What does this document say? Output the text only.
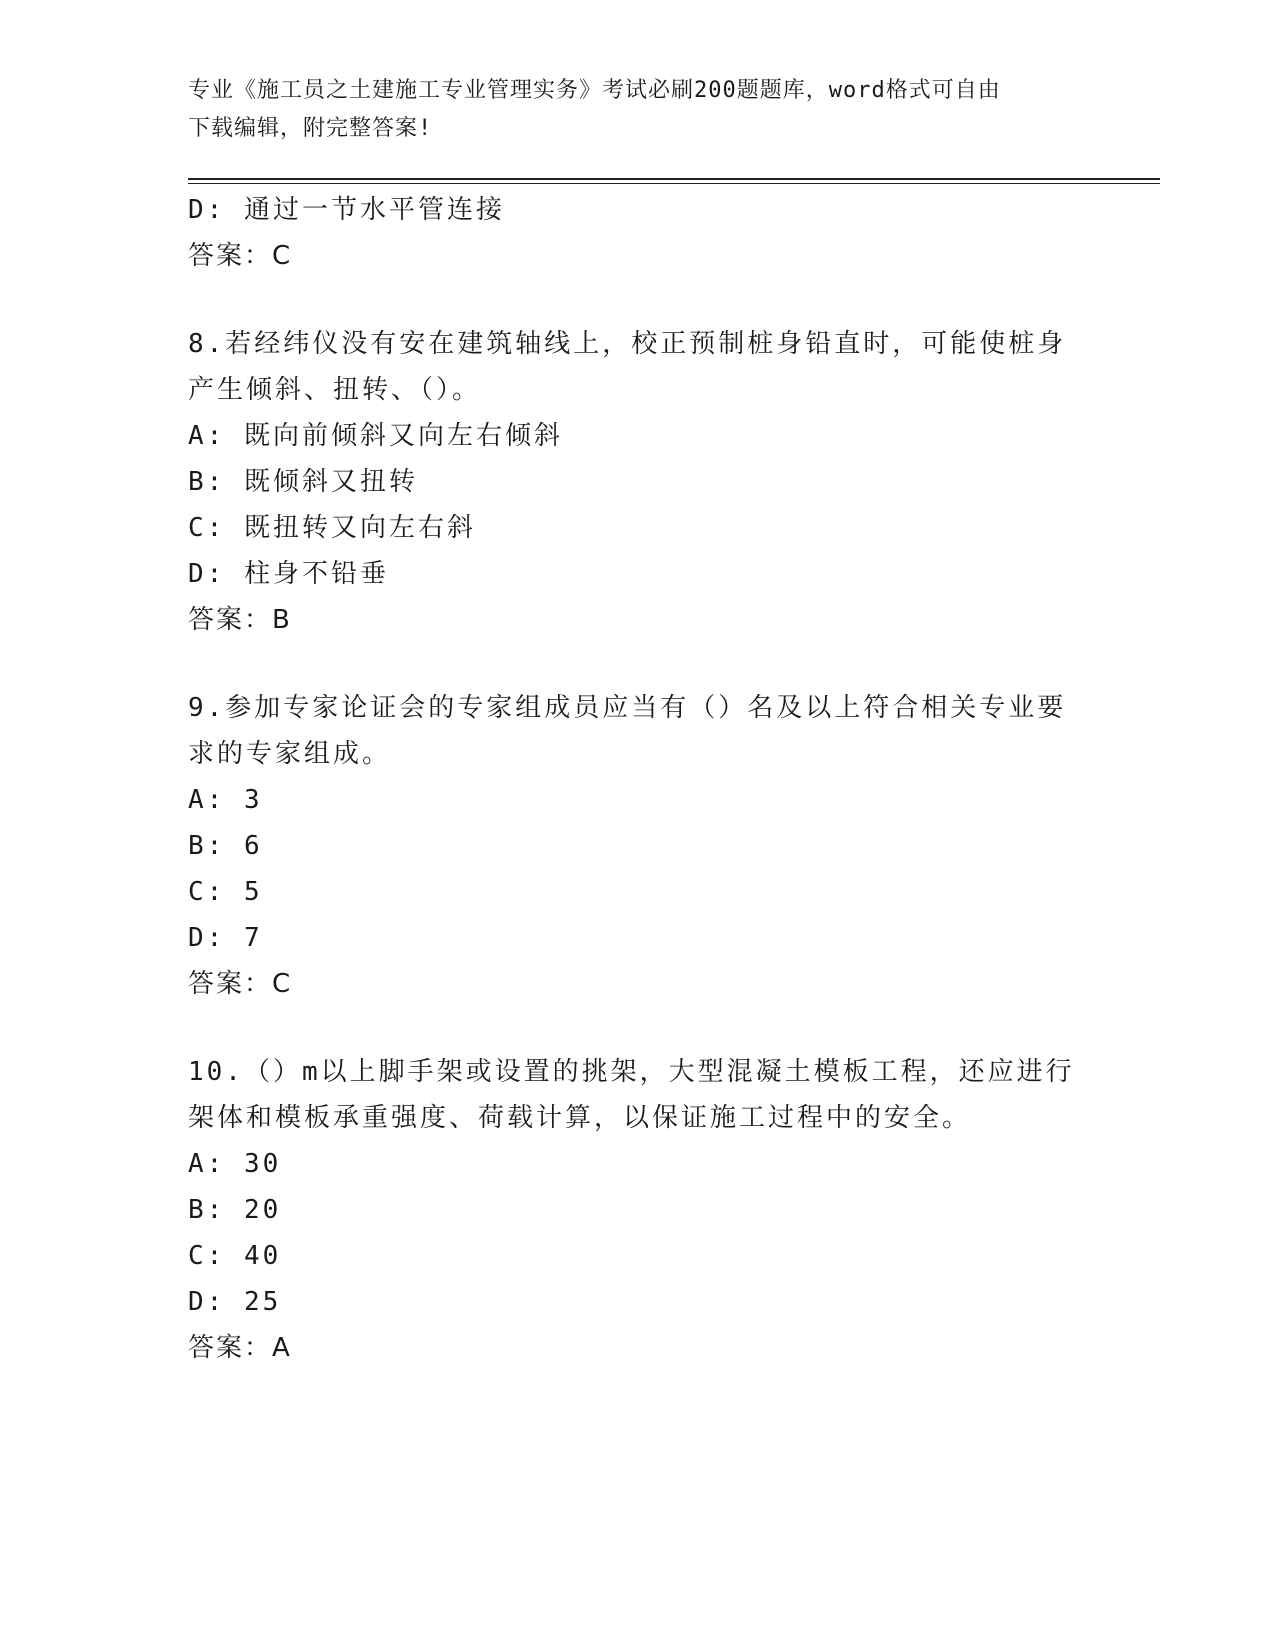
专业《施工员之土建施工专业管理实务》考试必刷200题题库，word格式可自由
下载编辑，附完整答案!
D: 通过一节水平管连接
答案：C
8.若经纬仪没有安在建筑轴线上，校正预制桩身铅直时，可能使桩身
产生倾斜、扭转、（）。
A: 既向前倾斜又向左右倾斜
B: 既倾斜又扭转
C: 既扭转又向左右斜
D: 柱身不铅垂
答案：B
9.参加专家论证会的专家组成员应当有（）名及以上符合相关专业要
求的专家组成。
A: 3
B: 6
C: 5
D: 7
答案：C
10.（）m以上脚手架或设置的挑架，大型混凝土模板工程，还应进行
架体和模板承重强度、荷载计算，以保证施工过程中的安全。
A: 30
B: 20
C: 40
D: 25
答案：A
